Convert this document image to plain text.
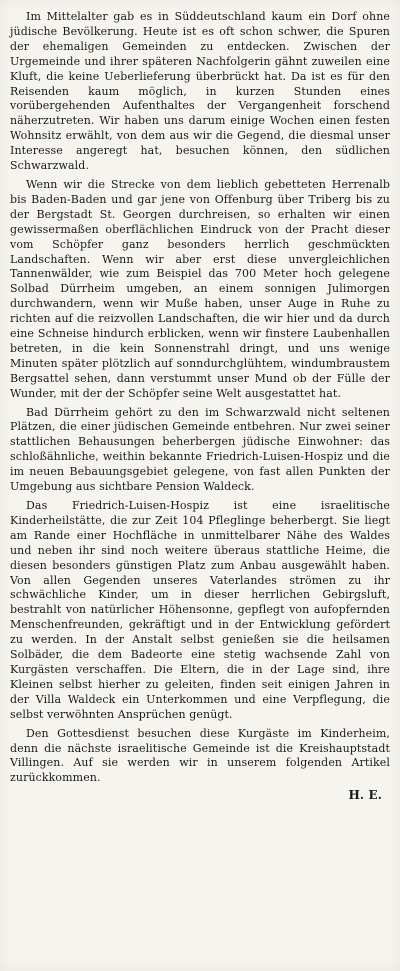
Im Mittelalter gab es in Süddeutschland kaum ein Dorf ohne jüdische Bevölkerung. Heute ist es oft schon schwer, die Spuren der ehemaligen Gemeinden zu entdecken. Zwischen der Urgemeinde und ihrer späteren Nachfolgerin gähnt zuweilen eine Kluft, die keine Ueberlieferung überbrückt hat. Da ist es für den Reisenden kaum möglich, in kurzen Stunden eines vorübergehenden Aufenthaltes der Vergangenheit forschend näherzutreten. Wir haben uns darum einige Wochen einen festen Wohnsitz erwählt, von dem aus wir die Gegend, die diesmal unser Interesse angeregt hat, besuchen können, den südlichen Schwarzwald.

Wenn wir die Strecke von dem lieblich gebetteten Herrenalb bis Baden-Baden und gar jene von Offenburg über Triberg bis zu der Bergstadt St. Georgen durchreisen, so erhalten wir einen gewissermaßen oberflächlichen Eindruck von der Pracht dieser vom Schöpfer ganz besonders herrlich geschmückten Landschaften. Wenn wir aber erst diese unvergleichlichen Tannenwälder, wie zum Beispiel das 700 Meter hoch gelegene Solbad Dürrheim umgeben, an einem sonnigen Julimorgen durchwandern, wenn wir Muße haben, unser Auge in Ruhe zu richten auf die reizvollen Landschaften, die wir hier und da durch eine Schneise hindurch erblicken, wenn wir finstere Laubenhallen betreten, in die kein Sonnenstrahl dringt, und uns wenige Minuten später plötzlich auf sonndurchglühtem, windumbraustem Bergsattel sehen, dann verstummt unser Mund ob der Fülle der Wunder, mit der der Schöpfer seine Welt ausgestattet hat.

Bad Dürrheim gehört zu den im Schwarzwald nicht seltenen Plätzen, die einer jüdischen Gemeinde entbehren. Nur zwei seiner stattlichen Behausungen beherbergen jüdische Einwohner: das schloßähnliche, weithin bekannte Friedrich-Luisen-Hospiz und die im neuen Bebauungsgebiet gelegene, von fast allen Punkten der Umgebung aus sichtbare Pension Waldeck.

Das Friedrich-Luisen-Hospiz ist eine israelitische Kinderheilstätte, die zur Zeit 104 Pfleglinge beherbergt. Sie liegt am Rande einer Hochfläche in unmittelbarer Nähe des Waldes und neben ihr sind noch weitere überaus stattliche Heime, die diesen besonders günstigen Platz zum Anbau ausgewählt haben. Von allen Gegenden unseres Vaterlandes strömen zu ihr schwächliche Kinder, um in dieser herrlichen Gebirgsluft, bestrahlt von natürlicher Höhensonne, gepflegt von aufopfernden Menschenfreunden, gekräftigt und in der Entwicklung gefördert zu werden. In der Anstalt selbst genießen sie die heilsamen Solbäder, die dem Badeorte eine stetig wachsende Zahl von Kurgästen verschaffen. Die Eltern, die in der Lage sind, ihre Kleinen selbst hierher zu geleiten, finden seit einigen Jahren in der Villa Waldeck ein Unterkommen und eine Verpflegung, die selbst verwöhnten Ansprüchen genügt.

Den Gottesdienst besuchen diese Kurgäste im Kinderheim, denn die nächste israelitische Gemeinde ist die Kreishauptstadt Villingen. Auf sie werden wir in unserem folgenden Artikel zurückkommen.

H. E.
